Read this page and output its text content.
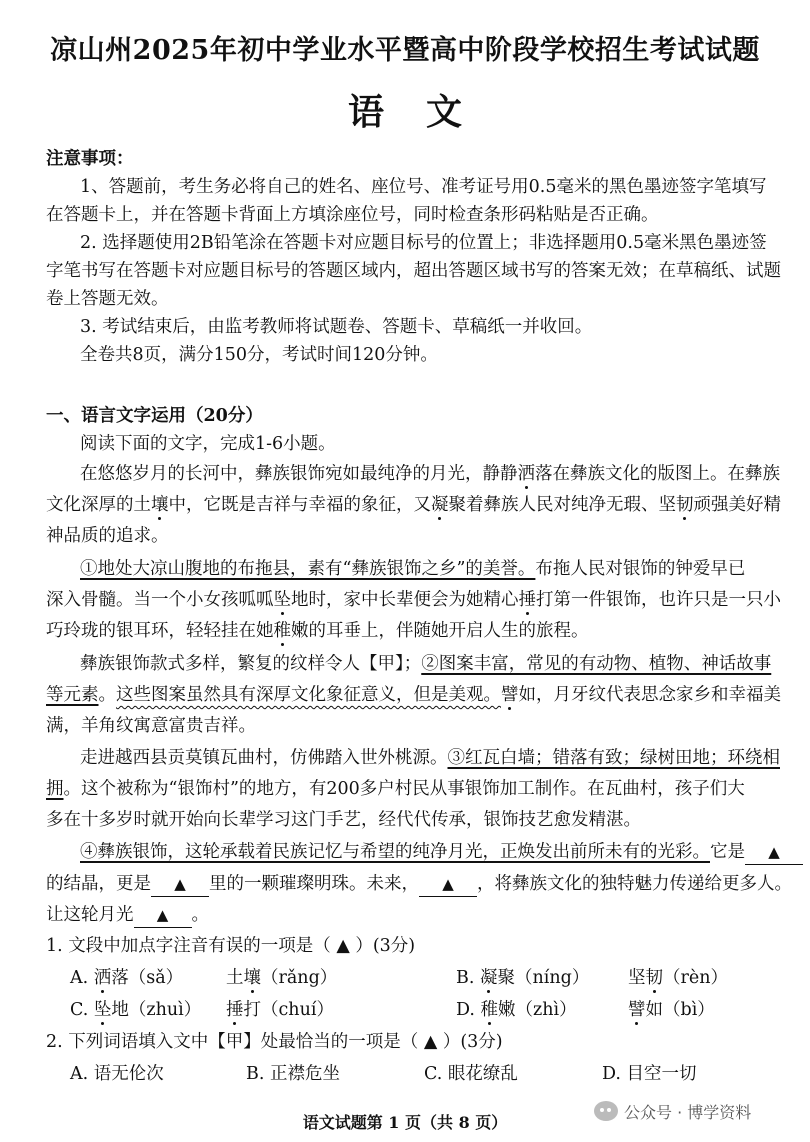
凉山州2025年初中学业水平暨高中阶段学校招生考试试题
语文
注意事项：
1、答题前，考生务必将自己的姓名、座位号、准考证号用0.5毫米的黑色墨迹签字笔填写
在答题卡上，并在答题卡背面上方填涂座位号，同时检查条形码粘贴是否正确。
2. 选择题使用2B铅笔涂在答题卡对应题目标号的位置上；非选择题用0.5毫米黑色墨迹签
字笔书写在答题卡对应题目标号的答题区域内，超出答题区域书写的答案无效；在草稿纸、试题
卷上答题无效。
3. 考试结束后，由监考教师将试题卷、答题卡、草稿纸一并收回。
全卷共8页，满分150分，考试时间120分钟。
一、语言文字运用（20分）
阅读下面的文字，完成1-6小题。
在悠悠岁月的长河中，彝族银饰宛如最纯净的月光，静静洒落在彝族文化的版图上。在彝族
文化深厚的土壤中，它既是吉祥与幸福的象征，又凝聚着彝族人民对纯净无瑕、坚韧顽强美好精
神品质的追求。
①地处大凉山腹地的布拖县，素有“彝族银饰之乡”的美誉。布拖人民对银饰的钟爱早已
深入骨髓。当一个小女孩呱呱坠地时，家中长辈便会为她精心捶打第一件银饰，也许只是一只小
巧玲珑的银耳环，轻轻挂在她稚嫩的耳垂上，伴随她开启人生的旅程。
彝族银饰款式多样，繁复的纹样令人【甲】；②图案丰富，常见的有动物、植物、神话故事
等元素。这些图案虽然具有深厚文化象征意义，但是美观。譬如，月牙纹代表思念家乡和幸福美
满，羊角纹寓意富贵吉祥。
走进越西县贡莫镇瓦曲村，仿佛踏入世外桃源。③红瓦白墙；错落有致；绿树田地；环绕相
拥。这个被称为“银饰村”的地方，有200多户村民从事银饰加工制作。在瓦曲村，孩子们大
多在十多岁时就开始向长辈学习这门手艺，经代代传承，银饰技艺愈发精湛。
④彝族银饰，这轮承载着民族记忆与希望的纯净月光，正焕发出前所未有的光彩。它是 ▲
的结晶，更是 ▲ 里的一颗璀璨明珠。未来， ▲ ，将彝族文化的独特魅力传递给更多人。
让这轮月光 ▲ 。
1. 文段中加点字注音有误的一项是（ ▲ ）(3分)
A. 洒落（sǎ） 土壤（rǎng）	B. 凝聚（níng） 坚韧（rèn）
C. 坠地（zhuì） 捶打（chuí）	D. 稚嫩（zhì）	譬如（bì）
2. 下列词语填入文中【甲】处最恰当的一项是（ ▲ ）(3分)
A. 语无伦次	B. 正襟危坐	C. 眼花缭乱	D. 目空一切
语文试题第 1 页（共 8 页）
公众号 · 博学资料
